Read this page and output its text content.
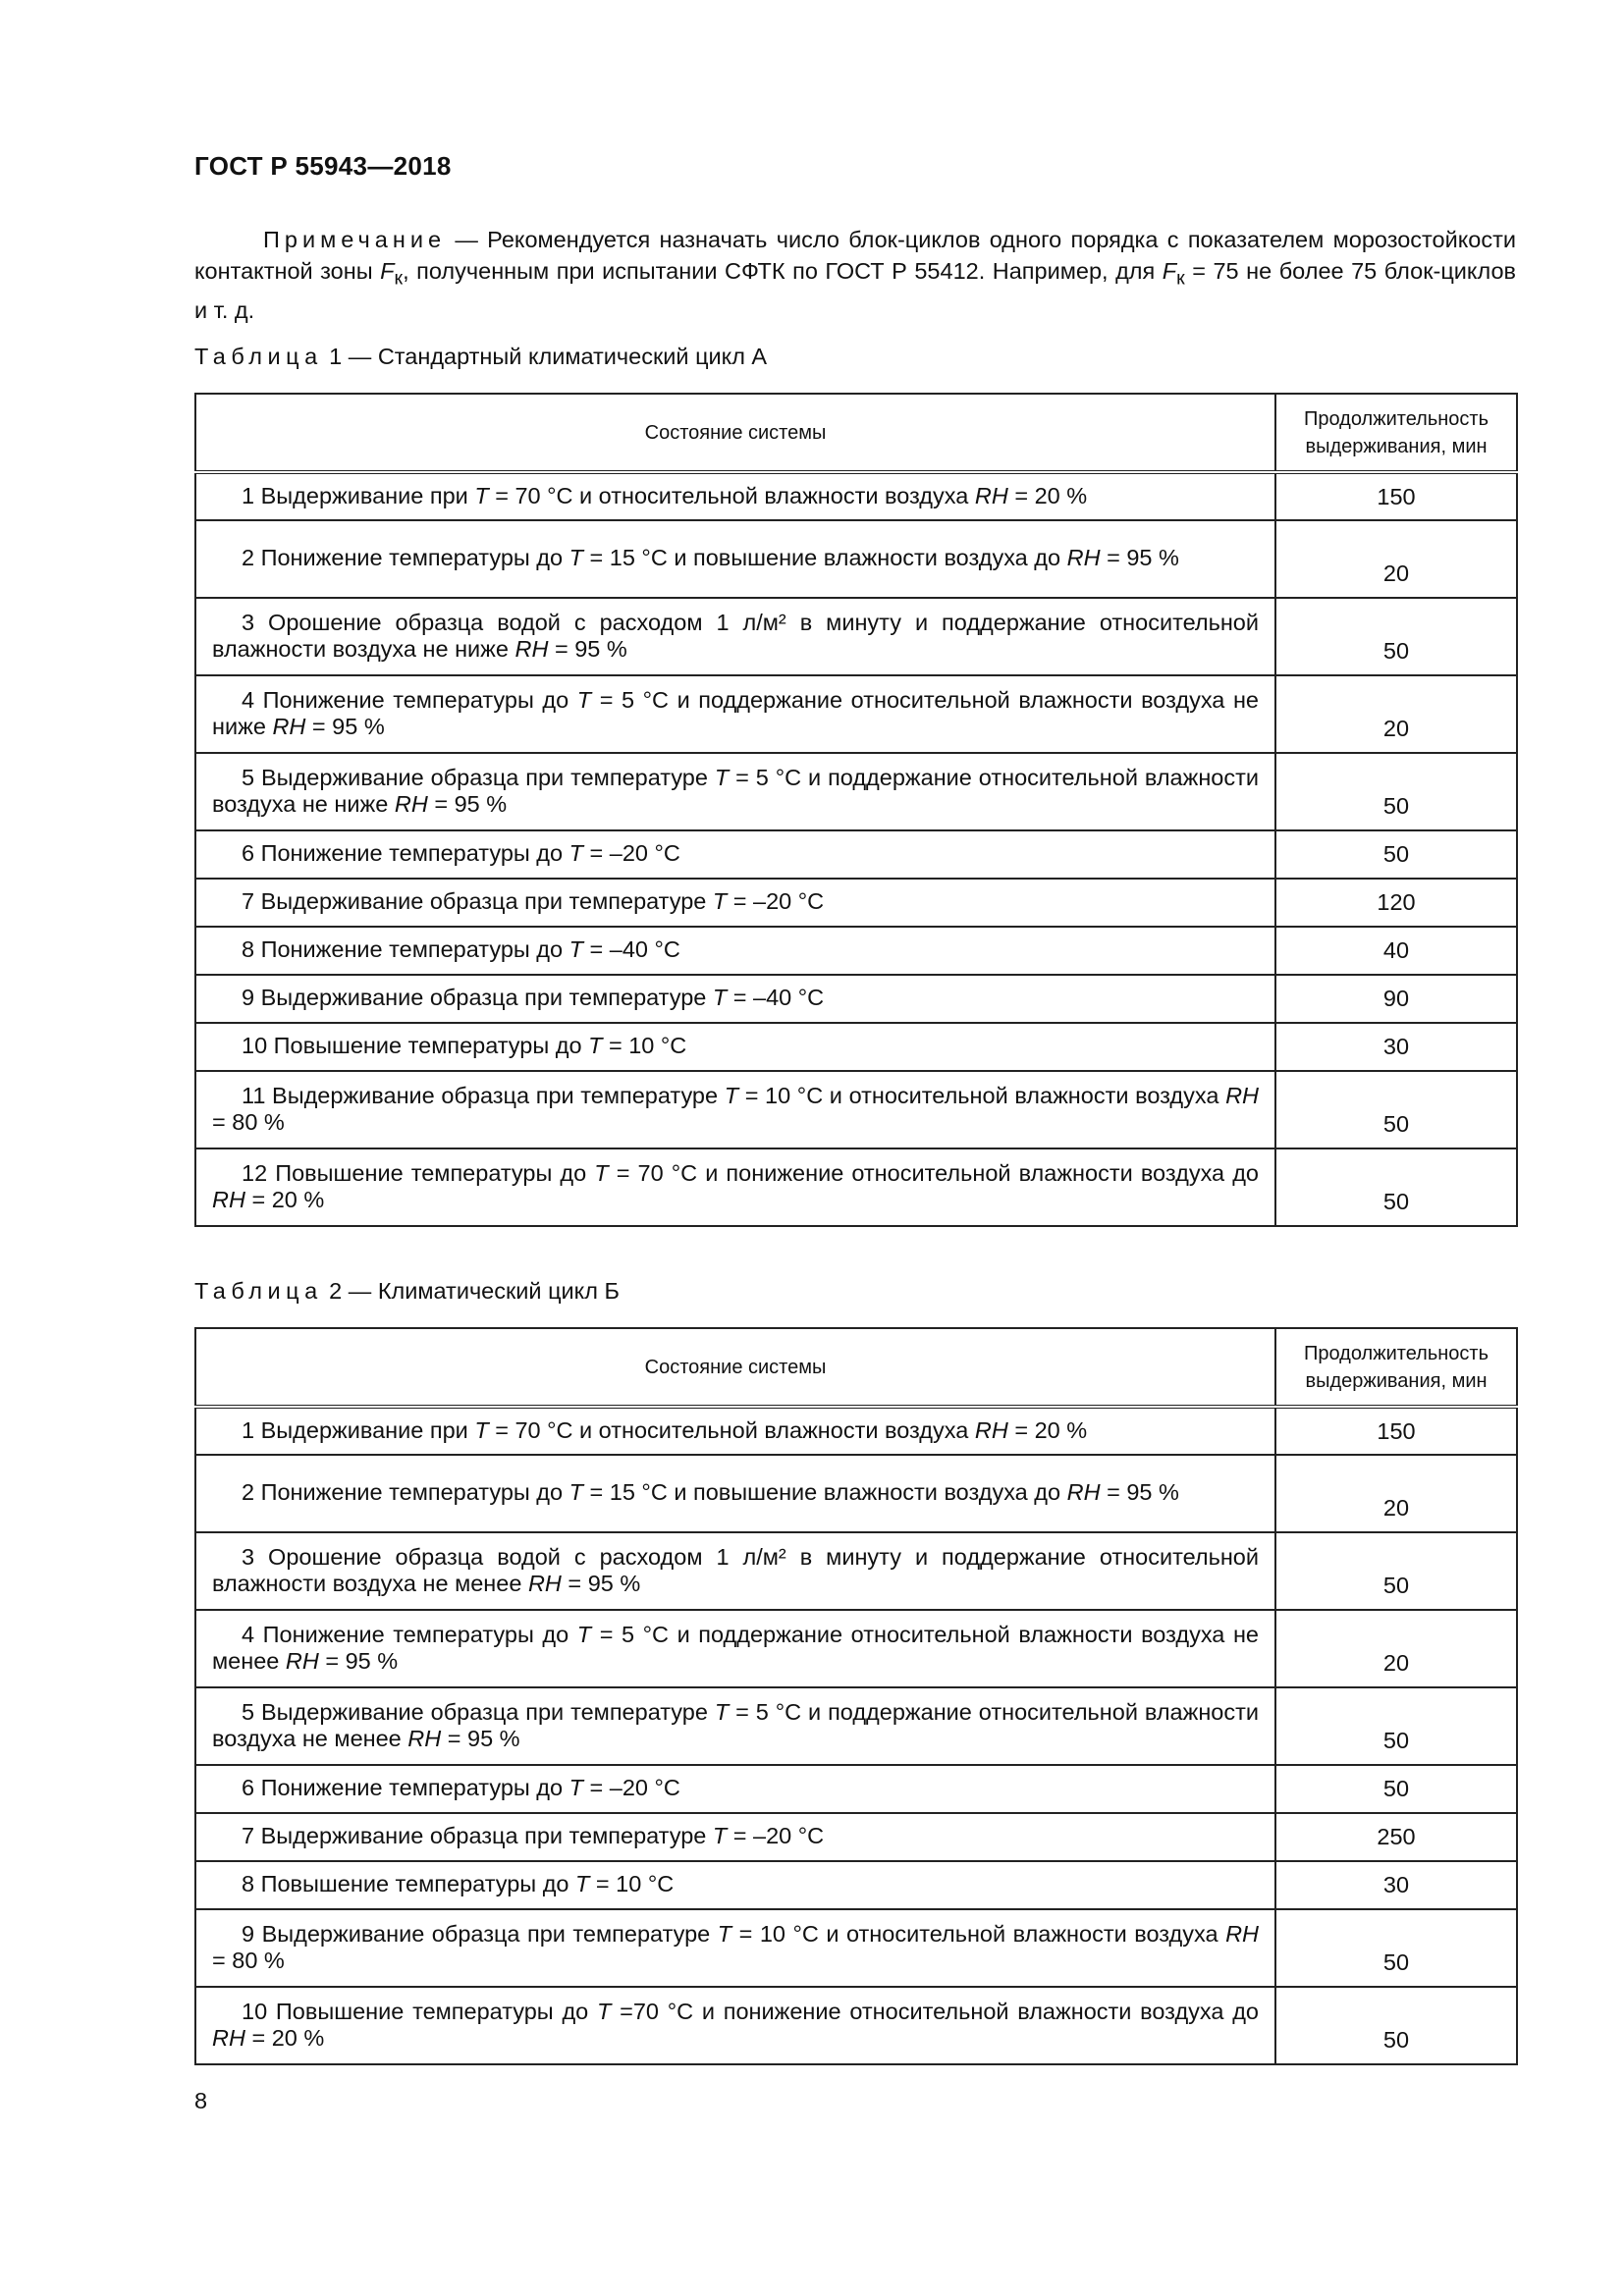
ГОСТ Р 55943—2018
Примечание — Рекомендуется назначать число блок-циклов одного порядка с показателем морозостойкости контактной зоны $F_к$, полученным при испытании СФТК по ГОСТ Р 55412. Например, для $F_к = 75$ не более 75 блок-циклов и т. д.
Таблица 1 — Стандартный климатический цикл А
Состояние системы	Продолжительность
выдерживания, мин
1 Выдерживание при T = 70 °С и относительной влажности воздуха RH = 20 %	150
2 Понижение температуры до T = 15 °С и повышение влажности воздуха до RH = 95 %	20
3 Орошение образца водой с расходом 1 л/м² в минуту и поддержание относительной влажности воздуха не ниже RH = 95 %	50
4 Понижение температуры до T = 5 °С и поддержание относительной влажности воздуха не ниже RH = 95 %	20
5 Выдерживание образца при температуре T = 5 °С и поддержание относительной влажности воздуха не ниже RH = 95 %	50
6 Понижение температуры до T = –20 °С	50
7 Выдерживание образца при температуре T = –20 °С	120
8 Понижение температуры до T = –40 °С	40
9 Выдерживание образца при температуре T = –40 °С	90
10 Повышение температуры до T = 10 °С	30
11 Выдерживание образца при температуре T = 10 °С и относительной влажности воздуха RH = 80 %	50
12 Повышение температуры до T = 70 °С и понижение относительной влажности воздуха до RH = 20 %	50
Таблица 2 — Климатический цикл Б
Состояние системы	Продолжительность
выдерживания, мин
1 Выдерживание при T = 70 °С и относительной влажности воздуха RH = 20 %	150
2 Понижение температуры до T = 15 °С и повышение влажности воздуха до RH = 95 %	20
3 Орошение образца водой с расходом 1 л/м² в минуту и поддержание относительной влажности воздуха не менее RH = 95 %	50
4 Понижение температуры до T = 5 °С и поддержание относительной влажности воздуха не менее RH = 95 %	20
5 Выдерживание образца при температуре T = 5 °С и поддержание относительной влажности воздуха не менее RH = 95 %	50
6 Понижение температуры до T = –20 °С	50
7 Выдерживание образца при температуре T = –20 °С	250
8 Повышение температуры до T = 10 °С	30
9 Выдерживание образца при температуре T = 10 °С и относительной влажности воздуха RH = 80 %	50
10 Повышение температуры до T =70 °С и понижение относительной влажности воздуха до RH = 20 %	50
8
